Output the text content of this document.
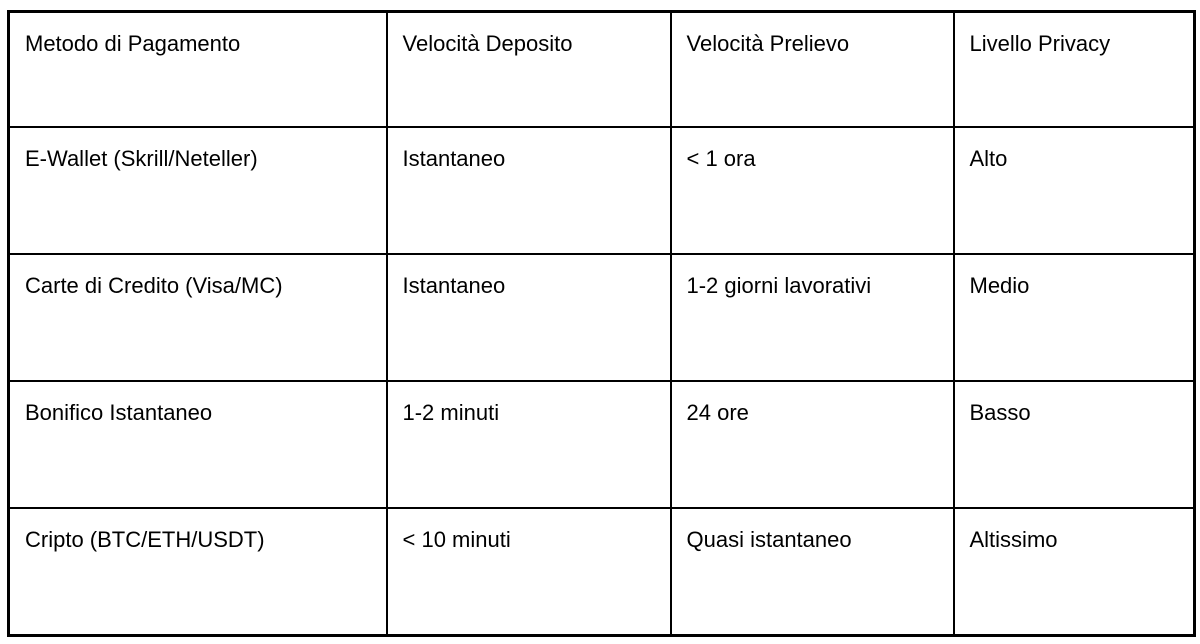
Metodo di Pagamento	Velocità Deposito	Velocità Prelievo	Livello Privacy
E-Wallet (Skrill/Neteller)	Istantaneo	< 1 ora	Alto
Carte di Credito (Visa/MC)	Istantaneo	1-2 giorni lavorativi	Medio
Bonifico Istantaneo	1-2 minuti	24 ore	Basso
Cripto (BTC/ETH/USDT)	< 10 minuti	Quasi istantaneo	Altissimo
